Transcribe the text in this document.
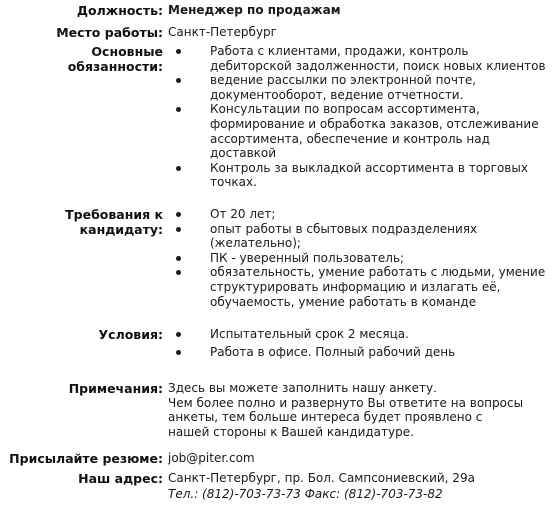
Должность: Менеджер по продажам
Место работы: Санкт-Петербург
Основные
обязанности:
Работа с клиентами, продажи, контроль
дебиторской задолженности, поиск новых клиентов
ведение рассылки по электронной почте,
документооборот, ведение отчетности.
Консультации по вопросам ассортимента,
формирование и обработка заказов, отслеживание
ассортимента, обеспечение и контроль над
доставкой
Контроль за выкладкой ассортимента в торговых
точках.
Требования к
кандидату:
От 20 лет;
опыт работы в сбытовых подразделениях
(желательно);
ПК - уверенный пользователь;
обязательность, умение работать с людьми, умение
структурировать информацию и излагать её,
обучаемость, умение работать в команде
Условия:	Испытательный срок 2 месяца.
Работа в офисе. Полный рабочий день
Примечания: Здесь вы можете заполнить нашу анкету.
Чем более полно и развернуто Вы ответите на вопросы
анкеты, тем больше интереса будет проявлено с
нашей стороны к Вашей кандидатуре.
Присылайте резюме: job@piter.com
Наш адрес: Санкт-Петербург, пр. Бол. Сампсониевский, 29а
Тел.: (812)-703-73-73 Факс: (812)-703-73-82
